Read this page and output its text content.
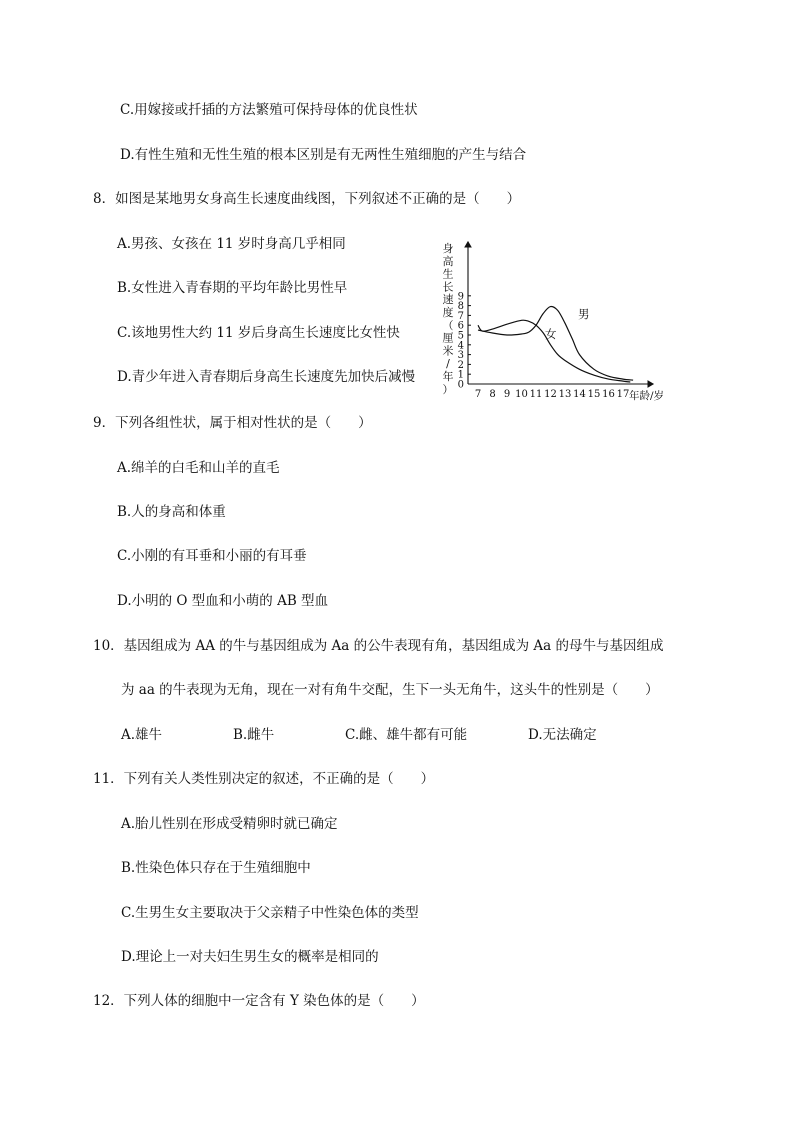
C.用嫁接或扦插的方法繁殖可保持母体的优良性状
D.有性生殖和无性生殖的根本区别是有无两性生殖细胞的产生与结合
8．如图是某地男女身高生长速度曲线图，下列叙述不正确的是（　　）
A.男孩、女孩在 11 岁时身高几乎相同
B.女性进入青春期的平均年龄比男性早
C.该地男性大约 11 岁后身高生长速度比女性快
D.青少年进入青春期后身高生长速度先加快后减慢	0
1
2
3
4
5
6
7
8
9
7 8 9 10 11 12 13 14 15 16 17 年龄/岁
身
高
生
长
速
度
（
厘
米
/
年
）
男
女
9．下列各组性状，属于相对性状的是（　　）
A.绵羊的白毛和山羊的直毛
B.人的身高和体重
C.小刚的有耳垂和小丽的有耳垂
D.小明的 O 型血和小萌的 AB 型血
10．基因组成为 AA 的牛与基因组成为 Aa 的公牛表现有角，基因组成为 Aa 的母牛与基因组成
为 aa 的牛表现为无角，现在一对有角牛交配，生下一头无角牛，这头牛的性别是（　　）
A.雄牛	B.雌牛	C.雌、雄牛都有可能	D.无法确定
11．下列有关人类性别决定的叙述，不正确的是（　　）
A.胎儿性别在形成受精卵时就已确定
B.性染色体只存在于生殖细胞中
C.生男生女主要取决于父亲精子中性染色体的类型
D.理论上一对夫妇生男生女的概率是相同的
12．下列人体的细胞中一定含有 Y 染色体的是（　　）
